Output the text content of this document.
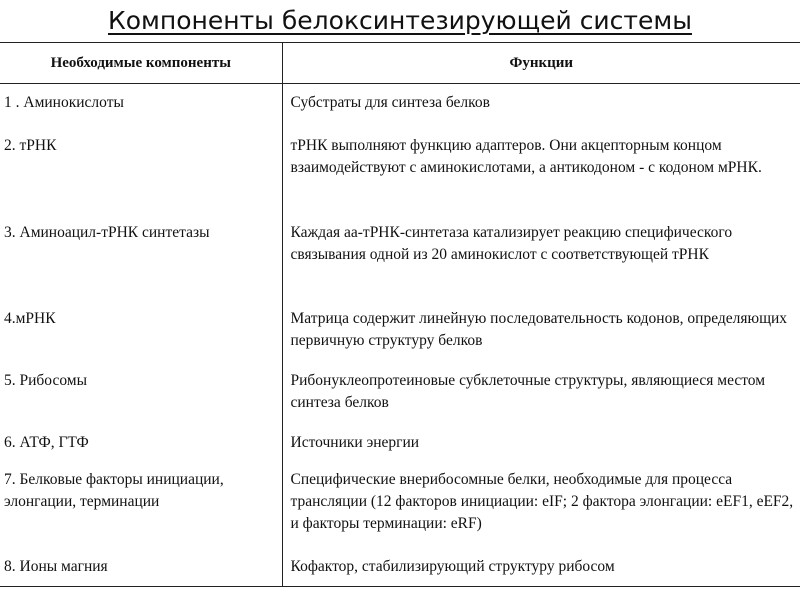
Компоненты белоксинтезирующей системы
Необходимые компоненты	Функции
1 . Аминокислоты	Субстраты для синтеза белков
2. тРНК	тРНК выполняют функцию адаптеров. Они акцепторным концом взаимодействуют с аминокислотами, а антикодоном - с кодоном мРНК.
3. Аминоацил-тРНК синтетазы	Каждая аа-тРНК-синтетаза катализирует реакцию специфического связывания одной из 20 аминокислот с соответствующей тРНК
4.мРНК	Матрица содержит линейную последовательность кодонов, определяющих первичную структуру белков
5. Рибосомы	Рибонуклеопротеиновые субклеточные структуры, являющиеся местом синтеза белков
6. АТФ, ГТФ	Источники энергии
7. Белковые факторы инициации, элонгации, терминации	Специфические внерибосомные белки, необходимые для процесса трансляции (12 факторов инициации: eIF; 2 фактора элонгации: eEF1, eEF2, и факторы терминации: eRF)
8. Ионы магния	Кофактор, стабилизирующий структуру рибосом
